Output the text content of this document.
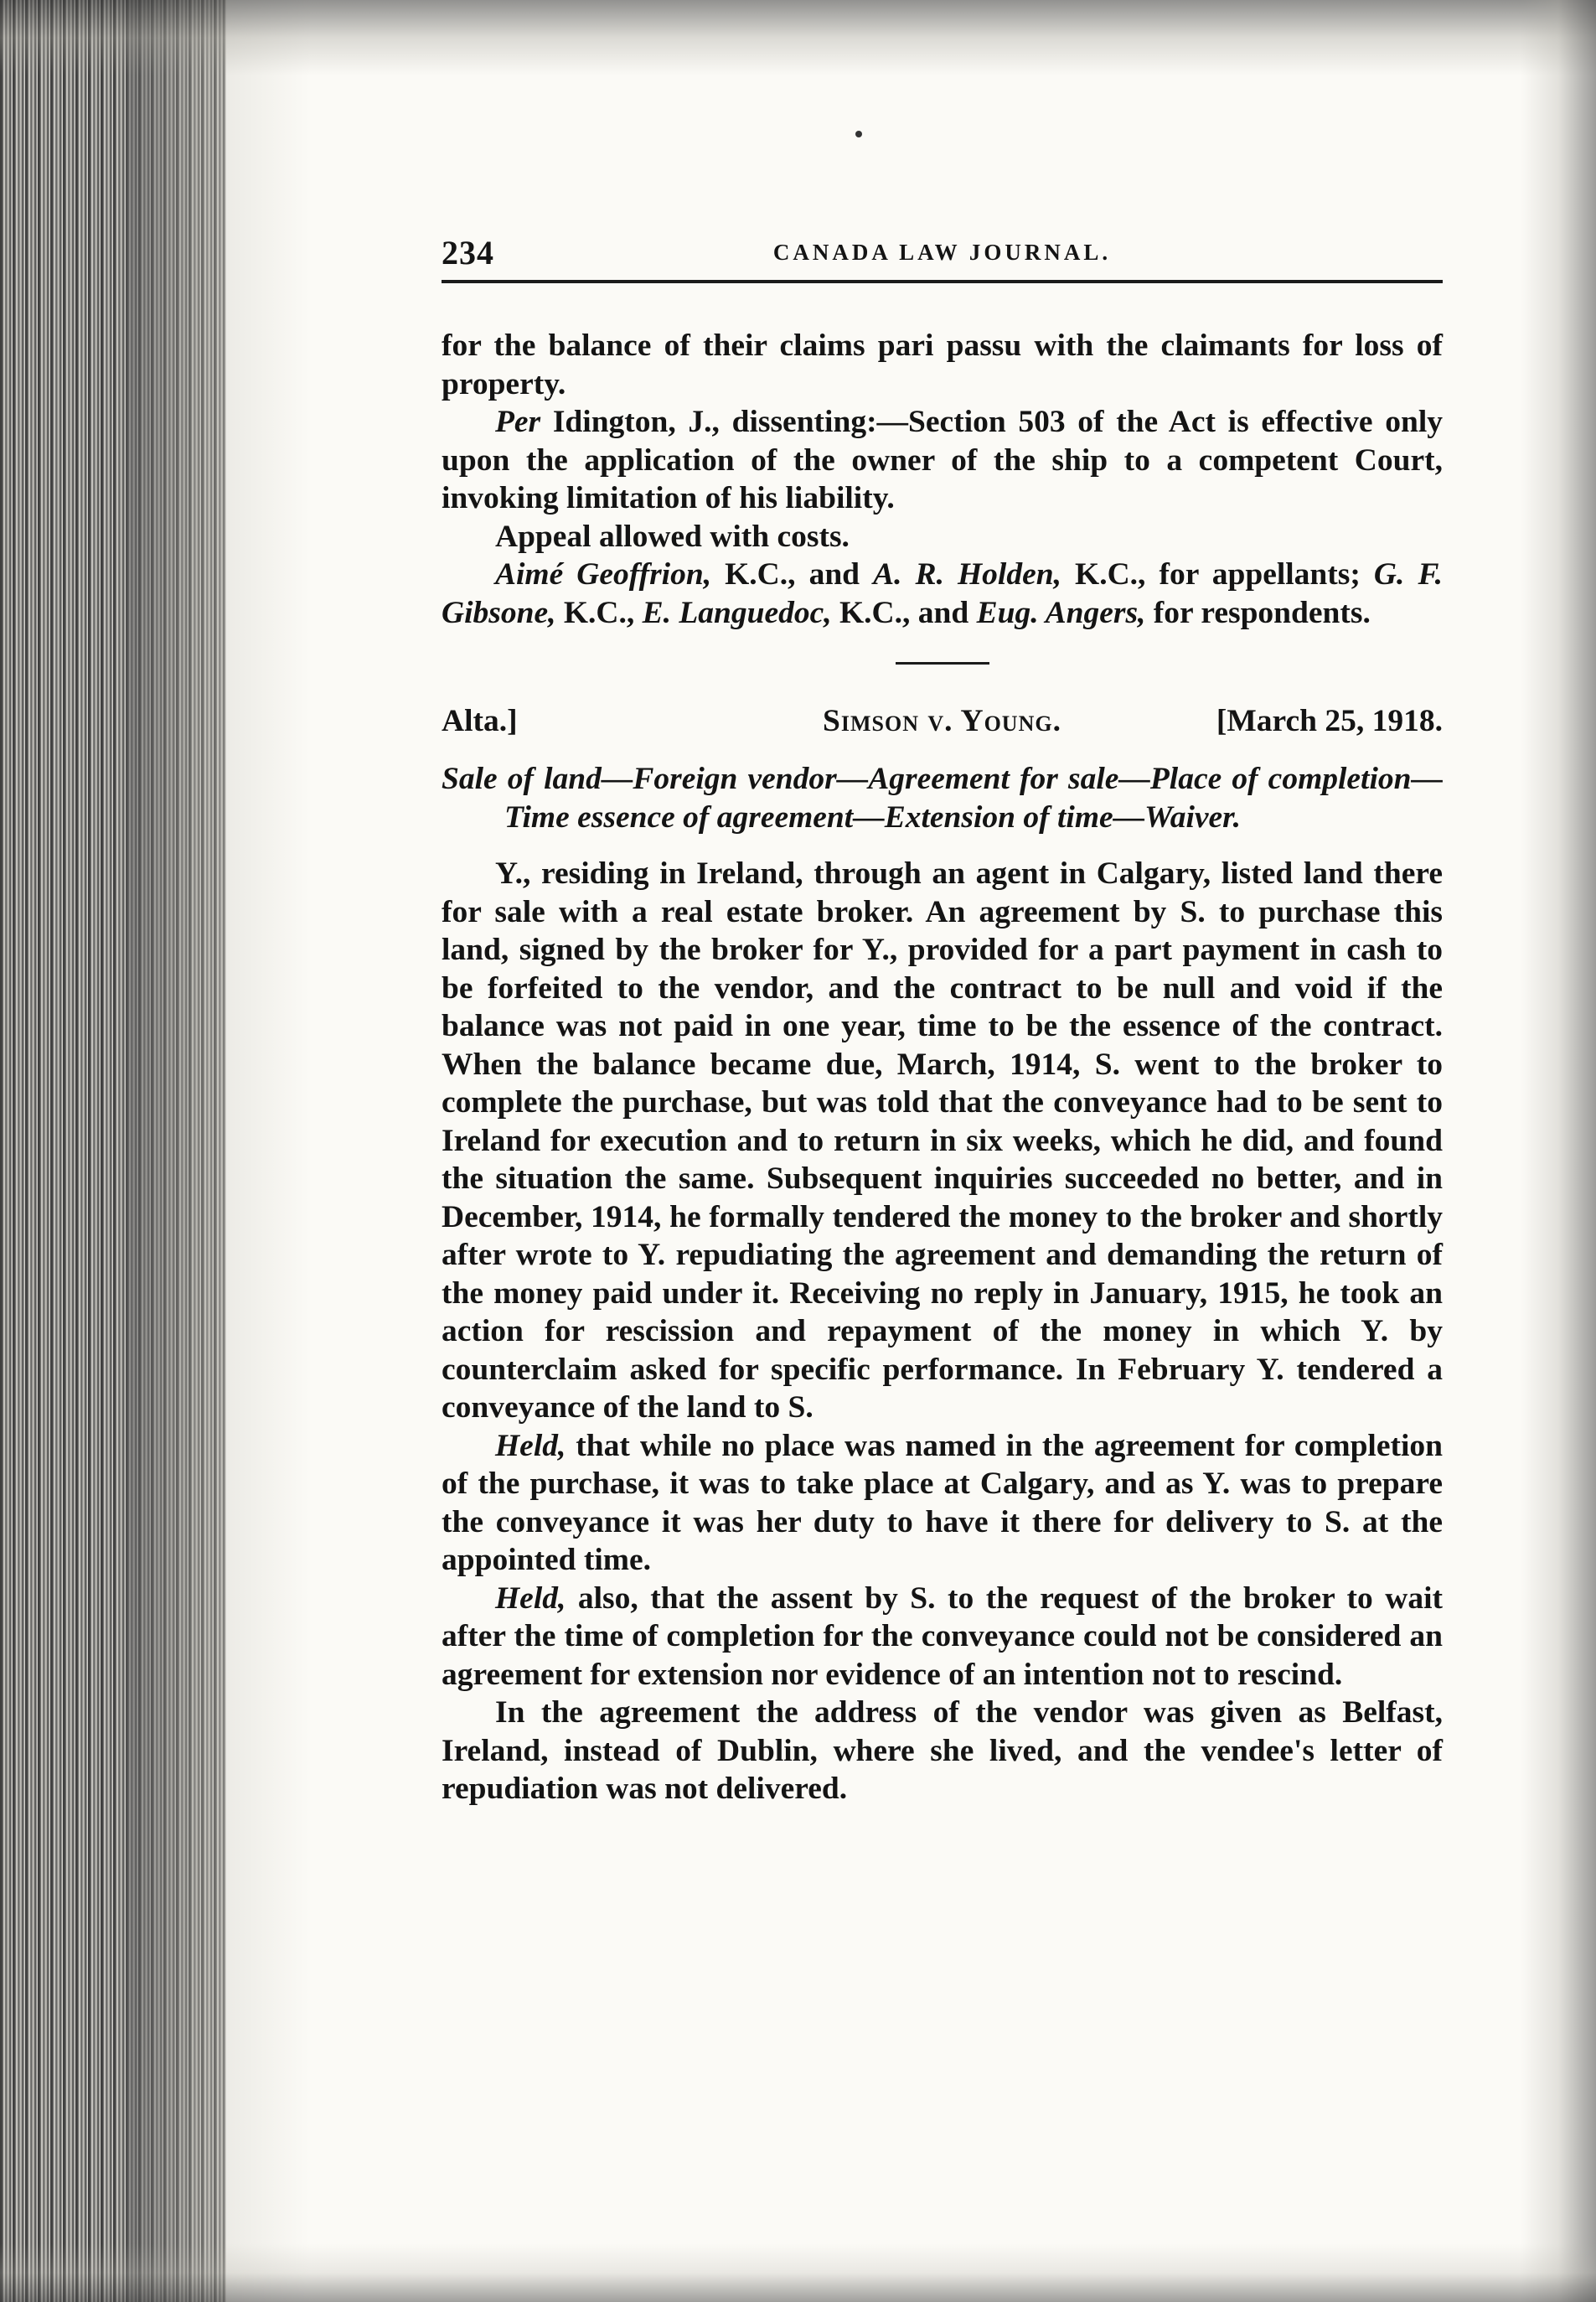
234	CANADA LAW JOURNAL.

for the balance of their claims pari passu with the claimants for loss of property.

Per Idington, J., dissenting:—Section 503 of the Act is effective only upon the application of the owner of the ship to a competent Court, invoking limitation of his liability.

Appeal allowed with costs.

Aimé Geoffrion, K.C., and A. R. Holden, K.C., for appellants; G. F. Gibsone, K.C., E. Languedoc, K.C., and Eug. Angers, for respondents.

Alta.]	Simson v. Young.	[March 25, 1918.

Sale of land—Foreign vendor—Agreement for sale—Place of completion—Time essence of agreement—Extension of time—Waiver.

Y., residing in Ireland, through an agent in Calgary, listed land there for sale with a real estate broker. An agreement by S. to purchase this land, signed by the broker for Y., provided for a part payment in cash to be forfeited to the vendor, and the contract to be null and void if the balance was not paid in one year, time to be the essence of the contract. When the balance became due, March, 1914, S. went to the broker to complete the purchase, but was told that the conveyance had to be sent to Ireland for execution and to return in six weeks, which he did, and found the situation the same. Subsequent inquiries succeeded no better, and in December, 1914, he formally tendered the money to the broker and shortly after wrote to Y. repudiating the agreement and demanding the return of the money paid under it. Receiving no reply in January, 1915, he took an action for rescission and repayment of the money in which Y. by counterclaim asked for specific performance. In February Y. tendered a conveyance of the land to S.

Held, that while no place was named in the agreement for completion of the purchase, it was to take place at Calgary, and as Y. was to prepare the conveyance it was her duty to have it there for delivery to S. at the appointed time.

Held, also, that the assent by S. to the request of the broker to wait after the time of completion for the conveyance could not be considered an agreement for extension nor evidence of an intention not to rescind.

In the agreement the address of the vendor was given as Belfast, Ireland, instead of Dublin, where she lived, and the vendee's letter of repudiation was not delivered.
